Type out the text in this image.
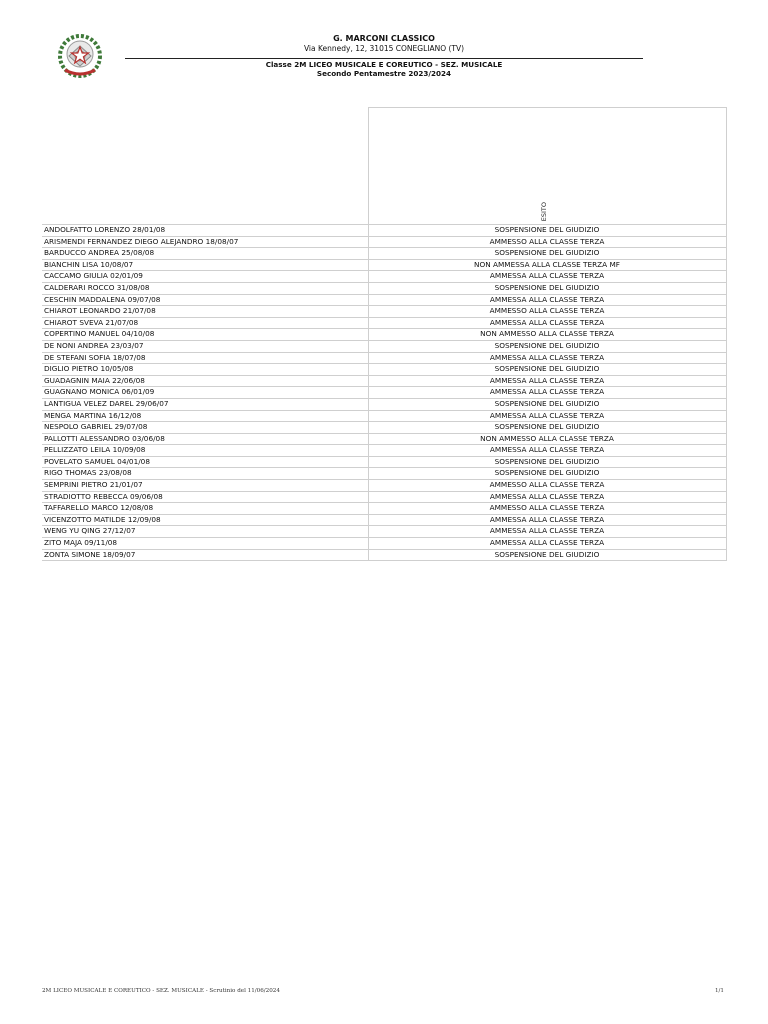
G. MARCONI CLASSICO
Via Kennedy, 12, 31015 CONEGLIANO (TV)
Classe 2M LICEO MUSICALE E COREUTICO - SEZ. MUSICALE
Secondo Pentamestre 2023/2024

	ESITO

ANDOLFATTO LORENZO 28/01/08	SOSPENSIONE DEL GIUDIZIO
ARISMENDI FERNANDEZ DIEGO ALEJANDRO 18/08/07	AMMESSO ALLA CLASSE TERZA
BARDUCCO ANDREA 25/08/08	SOSPENSIONE DEL GIUDIZIO
BIANCHIN LISA 10/08/07	NON AMMESSA ALLA CLASSE TERZA MF
CACCAMO GIULIA 02/01/09	AMMESSA ALLA CLASSE TERZA
CALDERARI ROCCO 31/08/08	SOSPENSIONE DEL GIUDIZIO
CESCHIN MADDALENA 09/07/08	AMMESSA ALLA CLASSE TERZA
CHIAROT LEONARDO 21/07/08	AMMESSO ALLA CLASSE TERZA
CHIAROT SVEVA 21/07/08	AMMESSA ALLA CLASSE TERZA
COPERTINO MANUEL 04/10/08	NON AMMESSO ALLA CLASSE TERZA
DE NONI ANDREA 23/03/07	SOSPENSIONE DEL GIUDIZIO
DE STEFANI SOFIA 18/07/08	AMMESSA ALLA CLASSE TERZA
DIGLIO PIETRO 10/05/08	SOSPENSIONE DEL GIUDIZIO
GUADAGNIN MAIA 22/06/08	AMMESSA ALLA CLASSE TERZA
GUAGNANO MONICA 06/01/09	AMMESSA ALLA CLASSE TERZA
LANTIGUA VELEZ DAREL 29/06/07	SOSPENSIONE DEL GIUDIZIO
MENGA MARTINA 16/12/08	AMMESSA ALLA CLASSE TERZA
NESPOLO GABRIEL 29/07/08	SOSPENSIONE DEL GIUDIZIO
PALLOTTI ALESSANDRO 03/06/08	NON AMMESSO ALLA CLASSE TERZA
PELLIZZATO LEILA 10/09/08	AMMESSA ALLA CLASSE TERZA
POVELATO SAMUEL 04/01/08	SOSPENSIONE DEL GIUDIZIO
RIGO THOMAS 23/08/08	SOSPENSIONE DEL GIUDIZIO
SEMPRINI PIETRO 21/01/07	AMMESSO ALLA CLASSE TERZA
STRADIOTTO REBECCA 09/06/08	AMMESSA ALLA CLASSE TERZA
TAFFARELLO MARCO 12/08/08	AMMESSO ALLA CLASSE TERZA
VICENZOTTO MATILDE 12/09/08	AMMESSA ALLA CLASSE TERZA
WENG YU QING 27/12/07	AMMESSA ALLA CLASSE TERZA
ZITO MAJA 09/11/08	AMMESSA ALLA CLASSE TERZA
ZONTA SIMONE 18/09/07	SOSPENSIONE DEL GIUDIZIO
2M LICEO MUSICALE E COREUTICO - SEZ. MUSICALE - Scrutinio del 11/06/2024	1/1
